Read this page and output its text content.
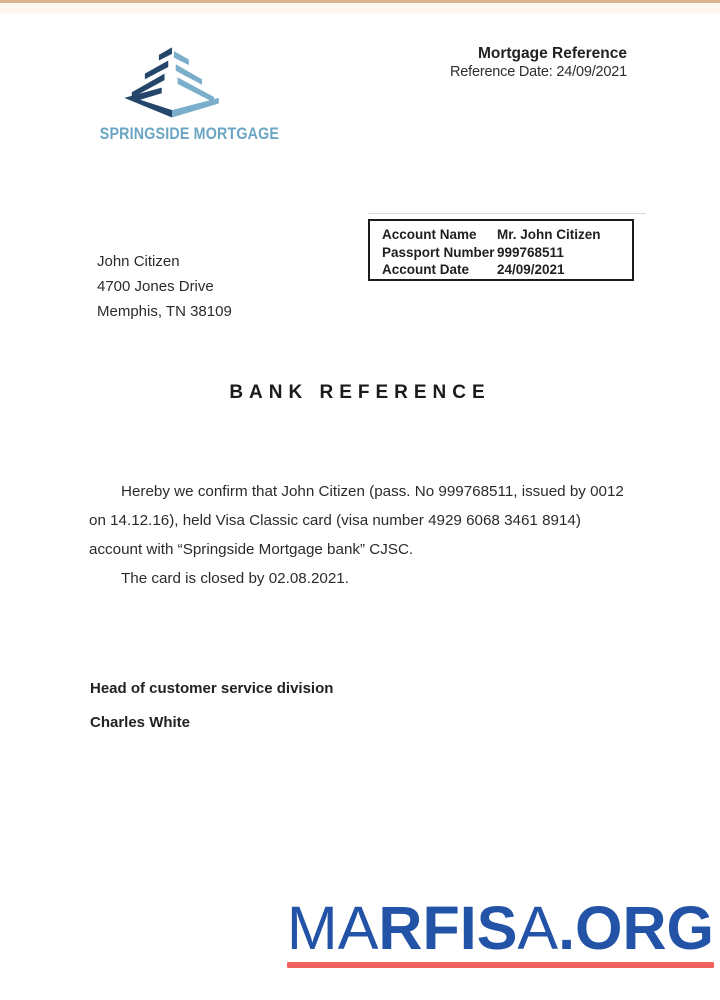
SPRINGSIDE MORTGAGE
Mortgage Reference
Reference Date: 24/09/2021
John Citizen
4700 Jones Drive
Memphis, TN 38109
Account Name	Mr. John Citizen
Passport Number 999768511
Account Date	24/09/2021
BANK REFERENCE

Hereby we confirm that John Citizen (pass. No 999768511, issued by 0012 on 14.12.16), held Visa Classic card (visa number 4929 6068 3461 8914) account with “Springside Mortgage bank” CJSC.

The card is closed by 02.08.2021.

Head of customer service division
Charles White
MARFISA.ORG
